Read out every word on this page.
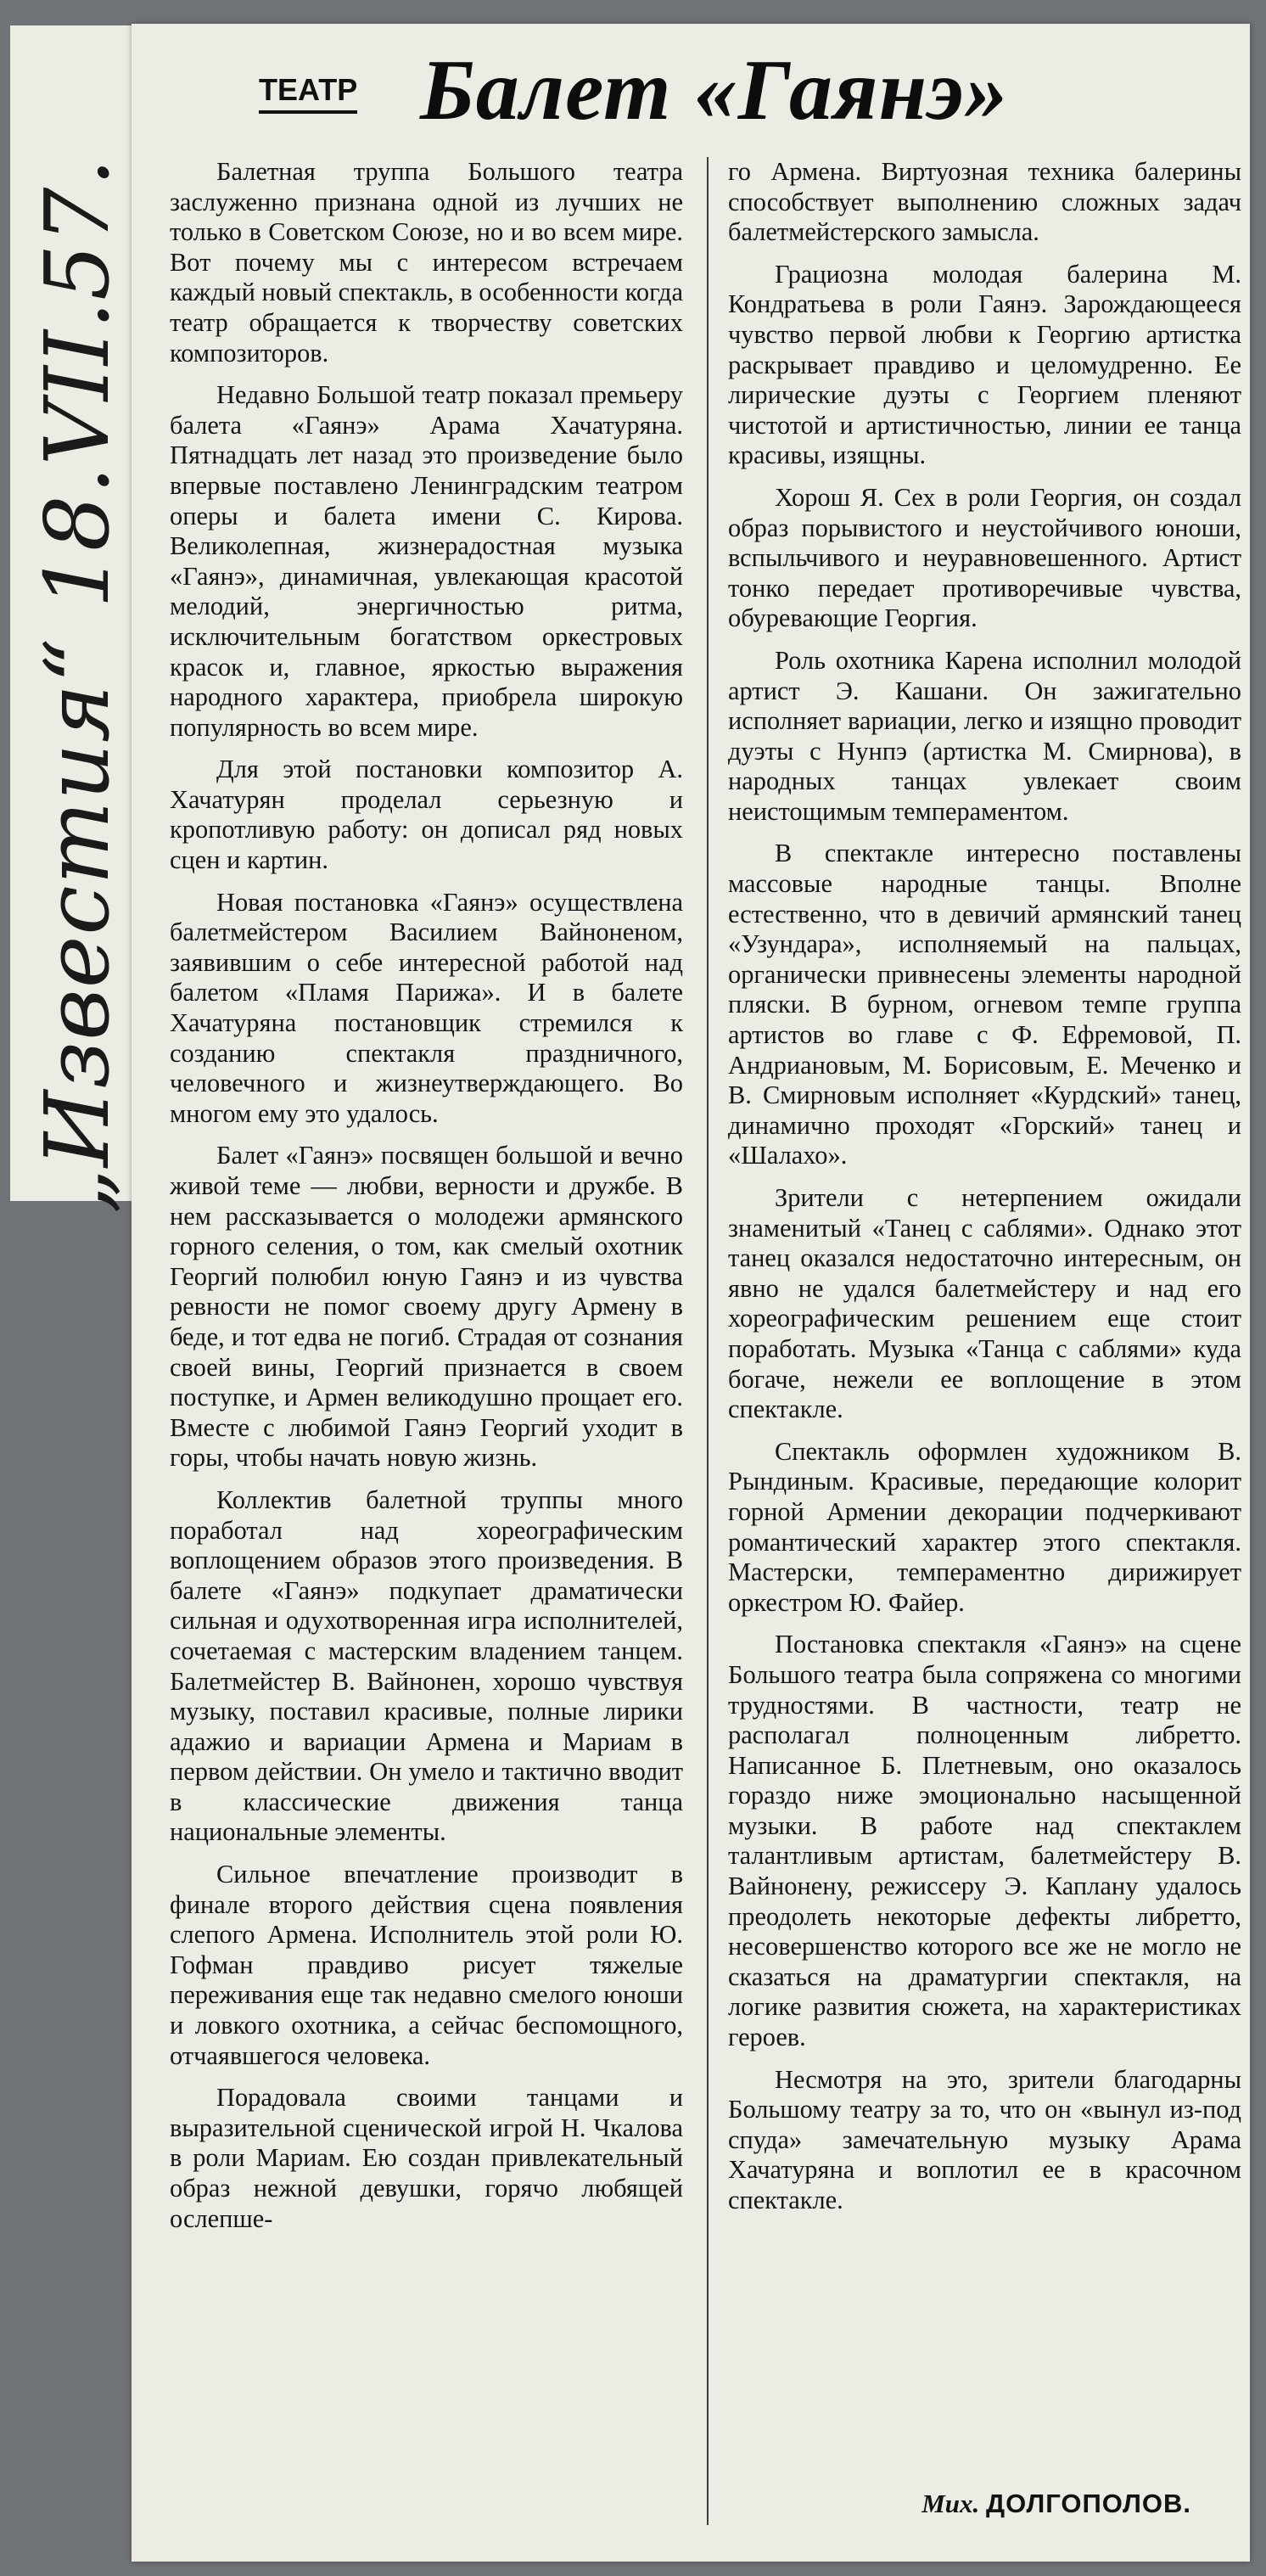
„Известия“ 18.VII.57.
ТЕАТР Балет «Гаянэ»

Балетная труппа Большого театра заслуженно признана одной из лучших не только в Советском Союзе, но и во всем мире. Вот почему мы с интересом встречаем каждый новый спектакль, в особенности когда театр обращается к творчеству советских композиторов.

Недавно Большой театр показал премьеру балета «Гаянэ» Арама Хачатуряна. Пятнадцать лет назад это произведение было впервые поставлено Ленинградским театром оперы и балета имени С. Кирова. Великолепная, жизнерадостная музыка «Гаянэ», динамичная, увлекающая красотой мелодий, энергичностью ритма, исключительным богатством оркестровых красок и, главное, яркостью выражения народного характера, приобрела широкую популярность во всем мире.

Для этой постановки композитор А. Хачатурян проделал серьезную и кропотливую работу: он дописал ряд новых сцен и картин.

Новая постановка «Гаянэ» осуществлена балетмейстером Василием Вайноненом, заявившим о себе интересной работой над балетом «Пламя Парижа». И в балете Хачатуряна постановщик стремился к созданию спектакля праздничного, человечного и жизнеутверждающего. Во многом ему это удалось.

Балет «Гаянэ» посвящен большой и вечно живой теме — любви, верности и дружбе. В нем рассказывается о молодежи армянского горного селения, о том, как смелый охотник Георгий полюбил юную Гаянэ и из чувства ревности не помог своему другу Армену в беде, и тот едва не погиб. Страдая от сознания своей вины, Георгий признается в своем поступке, и Армен великодушно прощает его. Вместе с любимой Гаянэ Георгий уходит в горы, чтобы начать новую жизнь.

Коллектив балетной труппы много поработал над хореографическим воплощением образов этого произведения. В балете «Гаянэ» подкупает драматически сильная и одухотворенная игра исполнителей, сочетаемая с мастерским владением танцем. Балетмейстер В. Вайнонен, хорошо чувствуя музыку, поставил красивые, полные лирики адажио и вариации Армена и Мариам в первом действии. Он умело и тактично вводит в классические движения танца национальные элементы.

Сильное впечатление производит в финале второго действия сцена появления слепого Армена. Исполнитель этой роли Ю. Гофман правдиво рисует тяжелые переживания еще так недавно смелого юноши и ловкого охотника, а сейчас беспомощного, отчаявшегося человека.

Порадовала своими танцами и выразительной сценической игрой Н. Чкалова в роли Мариам. Ею создан привлекательный образ нежной девушки, горячо любящей ослепше-

го Армена. Виртуозная техника балерины способствует выполнению сложных задач балетмейстерского замысла.

Грациозна молодая балерина М. Кондратьева в роли Гаянэ. Зарождающееся чувство первой любви к Георгию артистка раскрывает правдиво и целомудренно. Ее лирические дуэты с Георгием пленяют чистотой и артистичностью, линии ее танца красивы, изящны.

Хорош Я. Сех в роли Георгия, он создал образ порывистого и неустойчивого юноши, вспыльчивого и неуравновешенного. Артист тонко передает противоречивые чувства, обуревающие Георгия.

Роль охотника Карена исполнил молодой артист Э. Кашани. Он зажигательно исполняет вариации, легко и изящно проводит дуэты с Нунпэ (артистка М. Смирнова), в народных танцах увлекает своим неистощимым темпераментом.

В спектакле интересно поставлены массовые народные танцы. Вполне естественно, что в девичий армянский танец «Узундара», исполняемый на пальцах, органически привнесены элементы народной пляски. В бурном, огневом темпе группа артистов во главе с Ф. Ефремовой, П. Андриановым, М. Борисовым, Е. Меченко и В. Смирновым исполняет «Курдский» танец, динамично проходят «Горский» танец и «Шалахо».

Зрители с нетерпением ожидали знаменитый «Танец с саблями». Однако этот танец оказался недостаточно интересным, он явно не удался балетмейстеру и над его хореографическим решением еще стоит поработать. Музыка «Танца с саблями» куда богаче, нежели ее воплощение в этом спектакле.

Спектакль оформлен художником В. Рындиным. Красивые, передающие колорит горной Армении декорации подчеркивают романтический характер этого спектакля. Мастерски, темпераментно дирижирует оркестром Ю. Файер.

Постановка спектакля «Гаянэ» на сцене Большого театра была сопряжена со многими трудностями. В частности, театр не располагал полноценным либретто. Написанное Б. Плетневым, оно оказалось гораздо ниже эмоционально насыщенной музыки. В работе над спектаклем талантливым артистам, балетмейстеру В. Вайнонену, режиссеру Э. Каплану удалось преодолеть некоторые дефекты либретто, несовершенство которого все же не могло не сказаться на драматургии спектакля, на логике развития сюжета, на характеристиках героев.

Несмотря на это, зрители благодарны Большому театру за то, что он «вынул из-под спуда» замечательную музыку Арама Хачатуряна и воплотил ее в красочном спектакле.

Мих. ДОЛГОПОЛОВ.
